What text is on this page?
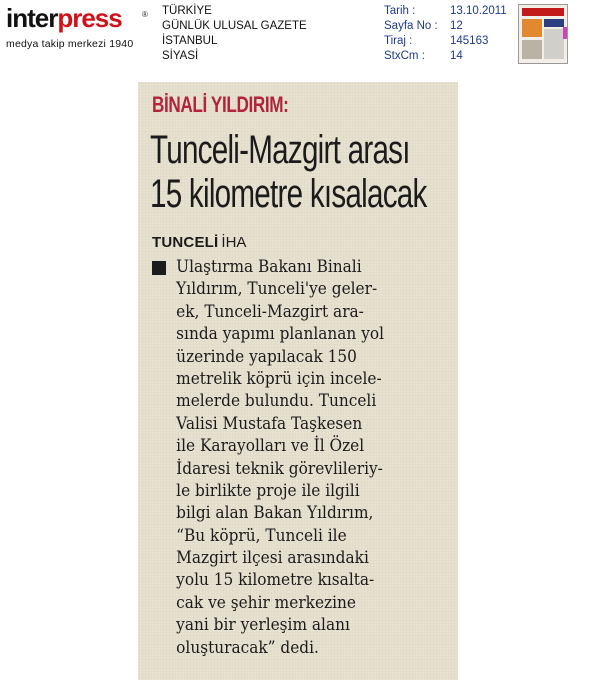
interpress	®
medya takip merkezi 1940
TÜRKİYE
GÜNLÜK ULUSAL GAZETE
İSTANBUL
SİYASİ
Tarih :	13.10.2011
Sayfa No :	12
Tiraj :	145163
StxCm :	14
BİNALİ YILDIRIM:
Tunceli-Mazgirt arası
15 kilometre kısalacak
TUNCELİ İHA
Ulaştırma Bakanı Binali
Yıldırım, Tunceli'ye geler-
ek, Tunceli-Mazgirt ara-
sında yapımı planlanan yol
üzerinde yapılacak 150
metrelik köprü için incele-
melerde bulundu. Tunceli
Valisi Mustafa Taşkesen
ile Karayolları ve İl Özel
İdaresi teknik görevlileriy-
le birlikte proje ile ilgili
bilgi alan Bakan Yıldırım,
“Bu köprü, Tunceli ile
Mazgirt ilçesi arasındaki
yolu 15 kilometre kısalta-
cak ve şehir merkezine
yani bir yerleşim alanı
oluşturacak” dedi.
